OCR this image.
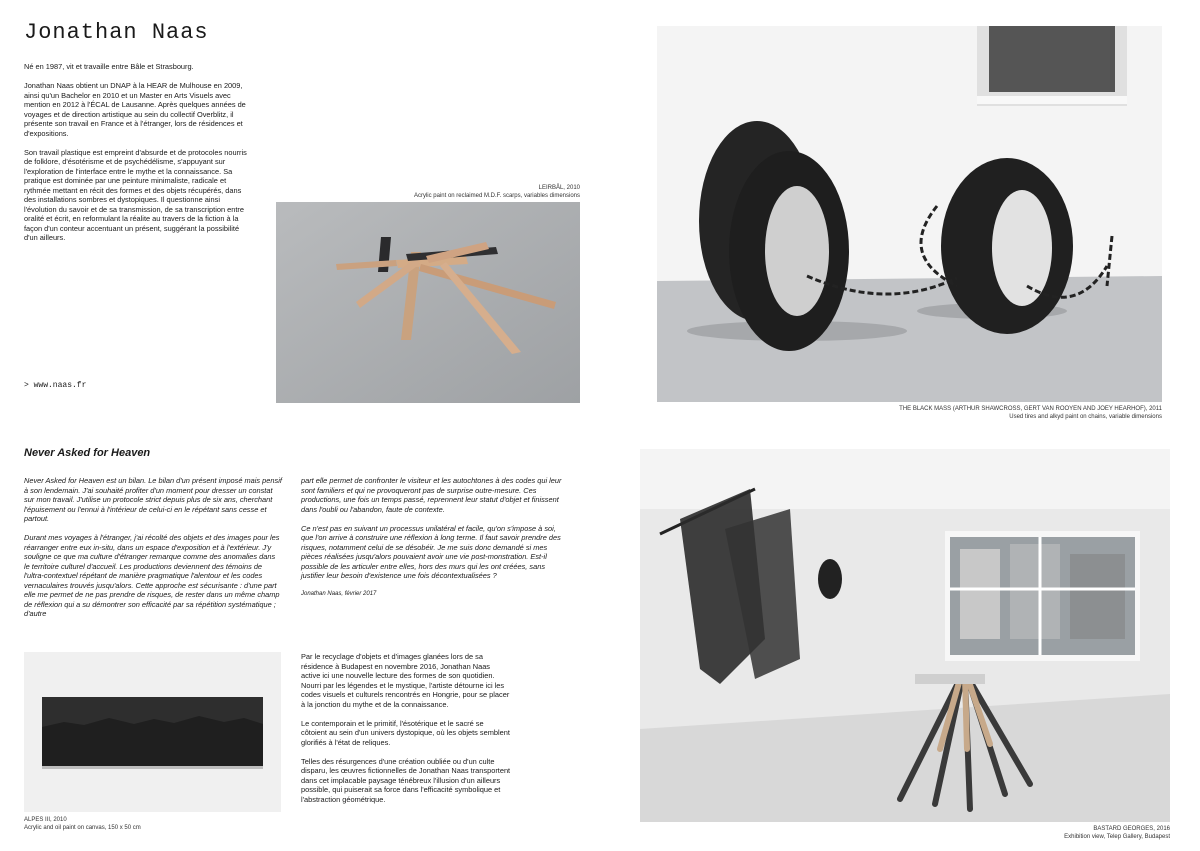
Jonathan Naas

Né en 1987, vit et travaille entre Bâle et Strasbourg.

Jonathan Naas obtient un DNAP à la HEAR de Mulhouse en 2009, ainsi qu'un Bachelor en 2010 et un Master en Arts Visuels avec mention en 2012 à l'ÉCAL de Lausanne. Après quelques années de voyages et de direction artistique au sein du collectif Overblitz, il présente son travail en France et à l'étranger, lors de résidences et d'expositions.

Son travail plastique est empreint d'absurde et de protocoles nourris de folklore, d'ésotérisme et de psychédélisme, s'appuyant sur l'exploration de l'interface entre le mythe et la connaissance. Sa pratique est dominée par une peinture minimaliste, radicale et rythmée mettant en récit des formes et des objets récupérés, dans des installations sombres et dystopiques. Il questionne ainsi l'évolution du savoir et de sa transmission, de sa transcription entre oralité et écrit, en reformulant la réalite au travers de la fiction à la façon d'un conteur accentuant un présent, suggérant la possibilité d'un ailleurs.

> www.naas.fr
LEIRBÅL, 2010
Acrylic paint on reclaimed M.D.F. scarps, variables dimensions
THE BLACK MASS (ARTHUR SHAWCROSS, GERT VAN ROOYEN AND JOEY HEARHOF), 2011
Used tires and alkyd paint on chains, variable dimensions
Never Asked for Heaven

Never Asked for Heaven est un bilan. Le bilan d'un présent imposé mais pensif à son lendemain. J'ai souhaité profiter d'un moment pour dresser un constat sur mon travail. J'utilise un protocole strict depuis plus de six ans, cherchant l'épuisement ou l'ennui à l'intérieur de celui-ci en le répétant sans cesse et partout.

Durant mes voyages à l'étranger, j'ai récolté des objets et des images pour les réarranger entre eux in-situ, dans un espace d'exposition et à l'extérieur. J'y souligne ce que ma culture d'étranger remarque comme des anomalies dans le territoire culturel d'accueil. Les productions deviennent des témoins de l'ultra-contextuel répétant de manière pragmatique l'alentour et les codes vernaculaires trouvés jusqu'alors. Cette approche est sécurisante : d'une part elle me permet de ne pas prendre de risques, de rester dans un même champ de réflexion qui a su démontrer son efficacité par sa répétition systématique ; d'autre

part elle permet de confronter le visiteur et les autochtones à des codes qui leur sont familiers et qui ne provoqueront pas de surprise outre-mesure. Ces productions, une fois un temps passé, reprennent leur statut d'objet et finissent dans l'oubli ou l'abandon, faute de contexte.

Ce n'est pas en suivant un processus unilatéral et facile, qu'on s'impose à soi, que l'on arrive à construire une réflexion à long terme. Il faut savoir prendre des risques, notamment celui de se désobéir. Je me suis donc demandé si mes pièces réalisées jusqu'alors pouvaient avoir une vie post-monstration. Est-il possible de les articuler entre elles, hors des murs qui les ont créées, sans justifier leur besoin d'existence une fois décontextualisées ?

Jonathan Naas, février 2017

ALPES III, 2010
Acrylic and oil paint on canvas, 150 x 50 cm

Par le recyclage d'objets et d'images glanées lors de sa résidence à Budapest en novembre 2016, Jonathan Naas active ici une nouvelle lecture des formes de son quotidien. Nourri par les légendes et le mystique, l'artiste détourne ici les codes visuels et culturels rencontrés en Hongrie, pour se placer à la jonction du mythe et de la connaissance.

Le contemporain et le primitif, l'ésotérique et le sacré se côtoient au sein d'un univers dystopique, où les objets semblent glorifiés à l'état de reliques.

Telles des résurgences d'une création oubliée ou d'un culte disparu, les œuvres fictionnelles de Jonathan Naas transportent dans cet implacable paysage ténébreux l'illusion d'un ailleurs possible, qui puiserait sa force dans l'efficacité symbolique et l'abstraction géométrique.

BASTARD GEORGES, 2016
Exhibition view, Telep Gallery, Budapest
